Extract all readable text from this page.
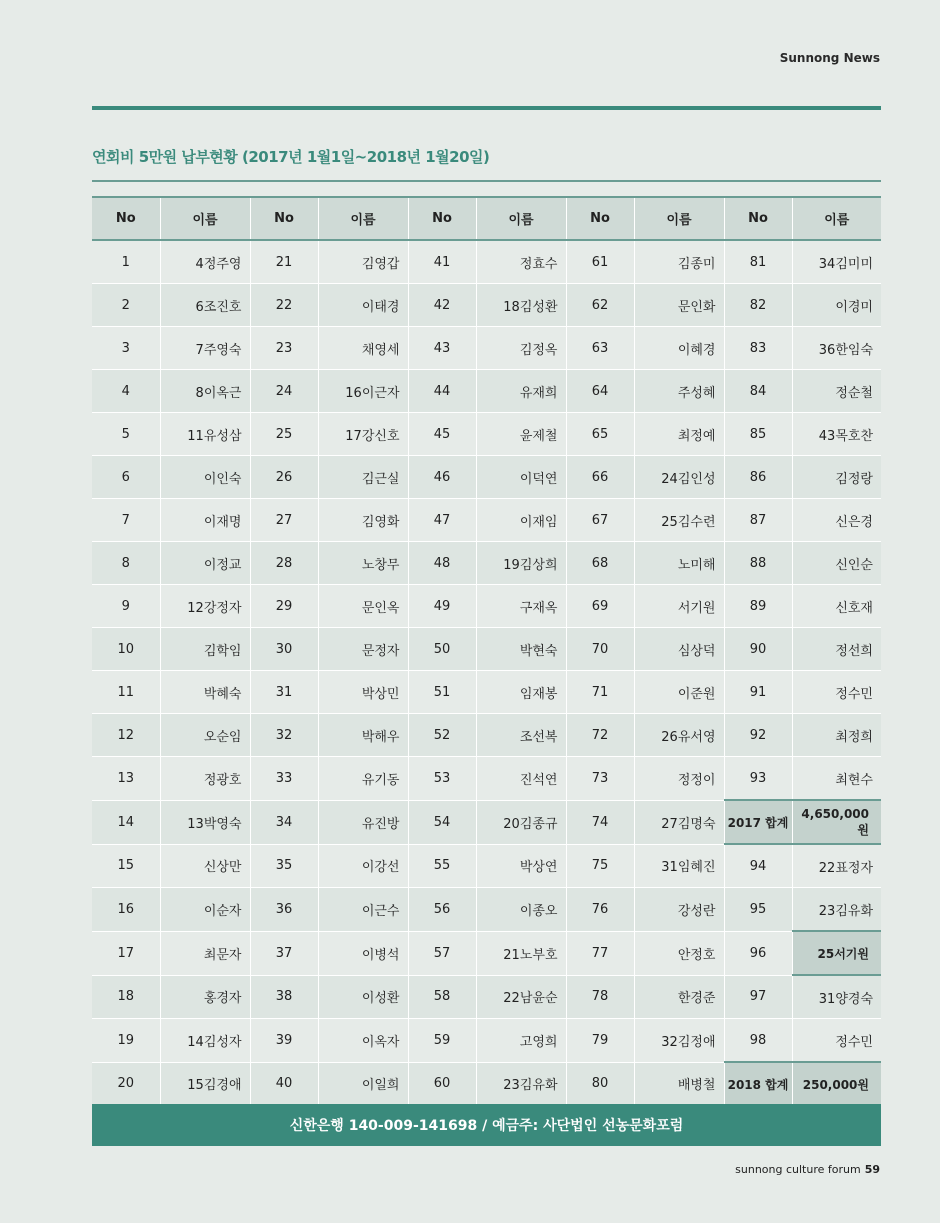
Sunnong News
연회비 5만원 납부현황 (2017년 1월1일~2018년 1월20일)
No	이름	No	이름	No	이름	No	이름	No	이름
1	4정주영	21	김영갑	41	정효수	61	김종미	81	34김미미
2	6조진호	22	이태경	42	18김성환	62	문인화	82	이경미
3	7주영숙	23	채영세	43	김정옥	63	이혜경	83	36한임숙
4	8이옥근	24	16이근자	44	유재희	64	주성혜	84	정순철
5	11유성삼	25	17강신호	45	윤제철	65	최정예	85	43목호찬
6	이인숙	26	김근실	46	이덕연	66	24김인성	86	김정랑
7	이재명	27	김영화	47	이재임	67	25김수련	87	신은경
8	이정교	28	노창무	48	19김상희	68	노미해	88	신인순
9	12강정자	29	문인옥	49	구재옥	69	서기원	89	신호재
10	김학임	30	문정자	50	박현숙	70	심상덕	90	정선희
11	박혜숙	31	박상민	51	임재봉	71	이준원	91	정수민
12	오순임	32	박해우	52	조선복	72	26유서영	92	최정희
13	정광호	33	유기동	53	진석연	73	정정이	93	최현수
14	13박영숙	34	유진방	54	20김종규	74	27김명숙	2017 합계	4,650,000원
15	신상만	35	이강선	55	박상연	75	31임혜진	94	22표정자
16	이순자	36	이근수	56	이종오	76	강성란	95	23김유화
17	최문자	37	이병석	57	21노부호	77	안정호	96	25서기원
18	홍경자	38	이성환	58	22남윤순	78	한경준	97	31양경숙
19	14김성자	39	이옥자	59	고영희	79	32김정애	98	정수민
20	15김경애	40	이일희	60	23김유화	80	배병철	2018 합계	250,000원
신한은행 140-009-141698 / 예금주: 사단법인 선농문화포럼
sunnong culture forum 59
